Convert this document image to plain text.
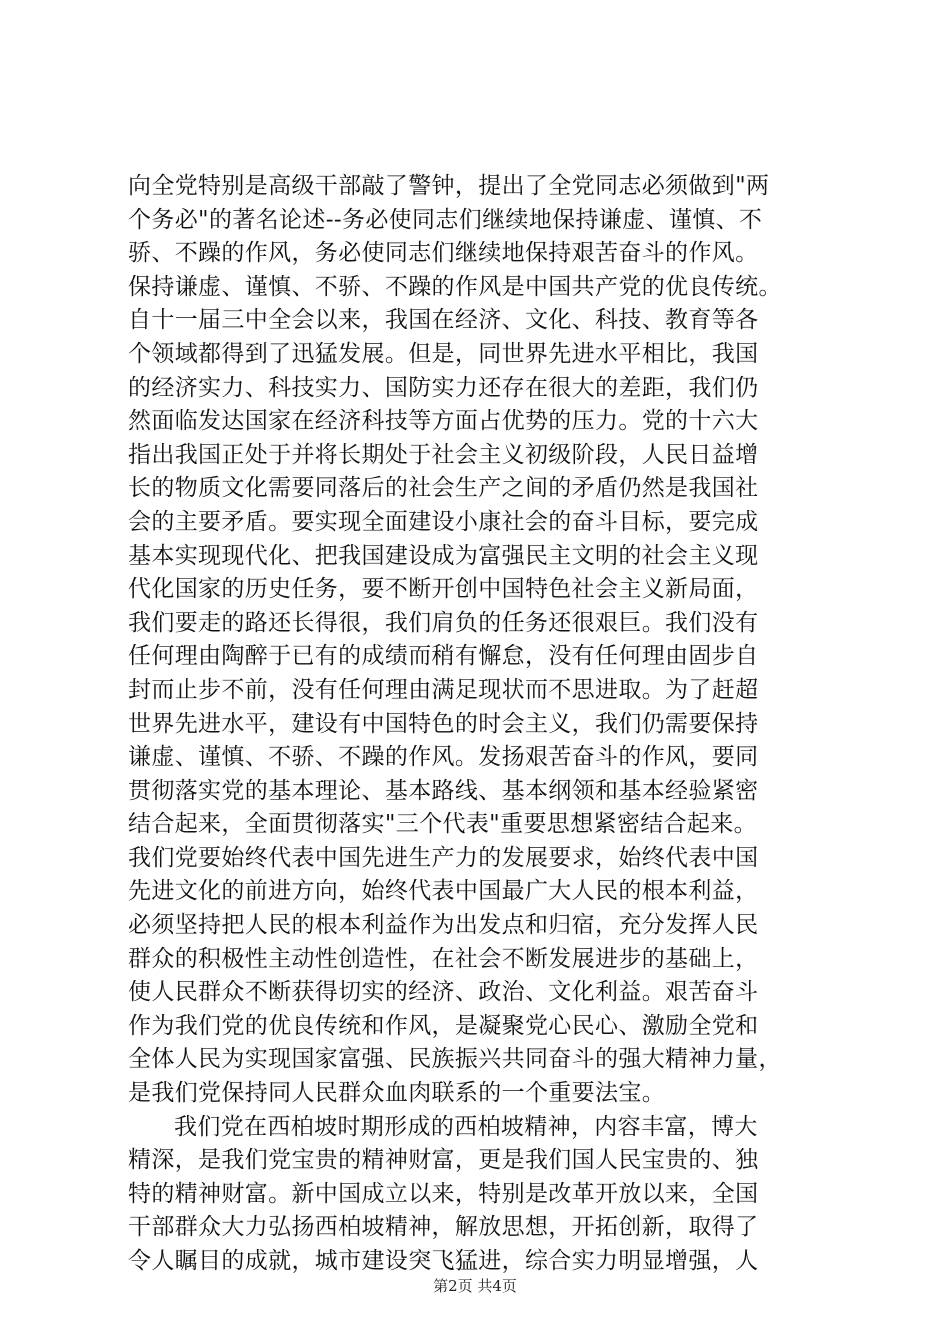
向全党特别是高级干部敲了警钟，提出了全党同志必须做到"两
个务必"的著名论述--务必使同志们继续地保持谦虚、谨慎、不
骄、不躁的作风，务必使同志们继续地保持艰苦奋斗的作风。
保持谦虚、谨慎、不骄、不躁的作风是中国共产党的优良传统。
自十一届三中全会以来，我国在经济、文化、科技、教育等各
个领域都得到了迅猛发展。但是，同世界先进水平相比，我国
的经济实力、科技实力、国防实力还存在很大的差距，我们仍
然面临发达国家在经济科技等方面占优势的压力。党的十六大
指出我国正处于并将长期处于社会主义初级阶段，人民日益增
长的物质文化需要同落后的社会生产之间的矛盾仍然是我国社
会的主要矛盾。要实现全面建设小康社会的奋斗目标，要完成
基本实现现代化、把我国建设成为富强民主文明的社会主义现
代化国家的历史任务，要不断开创中国特色社会主义新局面，
我们要走的路还长得很，我们肩负的任务还很艰巨。我们没有
任何理由陶醉于已有的成绩而稍有懈怠，没有任何理由固步自
封而止步不前，没有任何理由满足现状而不思进取。为了赶超
世界先进水平，建设有中国特色的时会主义，我们仍需要保持
谦虚、谨慎、不骄、不躁的作风。发扬艰苦奋斗的作风，要同
贯彻落实党的基本理论、基本路线、基本纲领和基本经验紧密
结合起来，全面贯彻落实"三个代表"重要思想紧密结合起来。
我们党要始终代表中国先进生产力的发展要求，始终代表中国
先进文化的前进方向，始终代表中国最广大人民的根本利益，
必须坚持把人民的根本利益作为出发点和归宿，充分发挥人民
群众的积极性主动性创造性，在社会不断发展进步的基础上，
使人民群众不断获得切实的经济、政治、文化利益。艰苦奋斗
作为我们党的优良传统和作风，是凝聚党心民心、激励全党和
全体人民为实现国家富强、民族振兴共同奋斗的强大精神力量，
是我们党保持同人民群众血肉联系的一个重要法宝。
我们党在西柏坡时期形成的西柏坡精神，内容丰富，博大
精深，是我们党宝贵的精神财富，更是我们国人民宝贵的、独
特的精神财富。新中国成立以来，特别是改革开放以来，全国
干部群众大力弘扬西柏坡精神，解放思想，开拓创新，取得了
令人瞩目的成就，城市建设突飞猛进，综合实力明显增强，人
第2页 共4页
